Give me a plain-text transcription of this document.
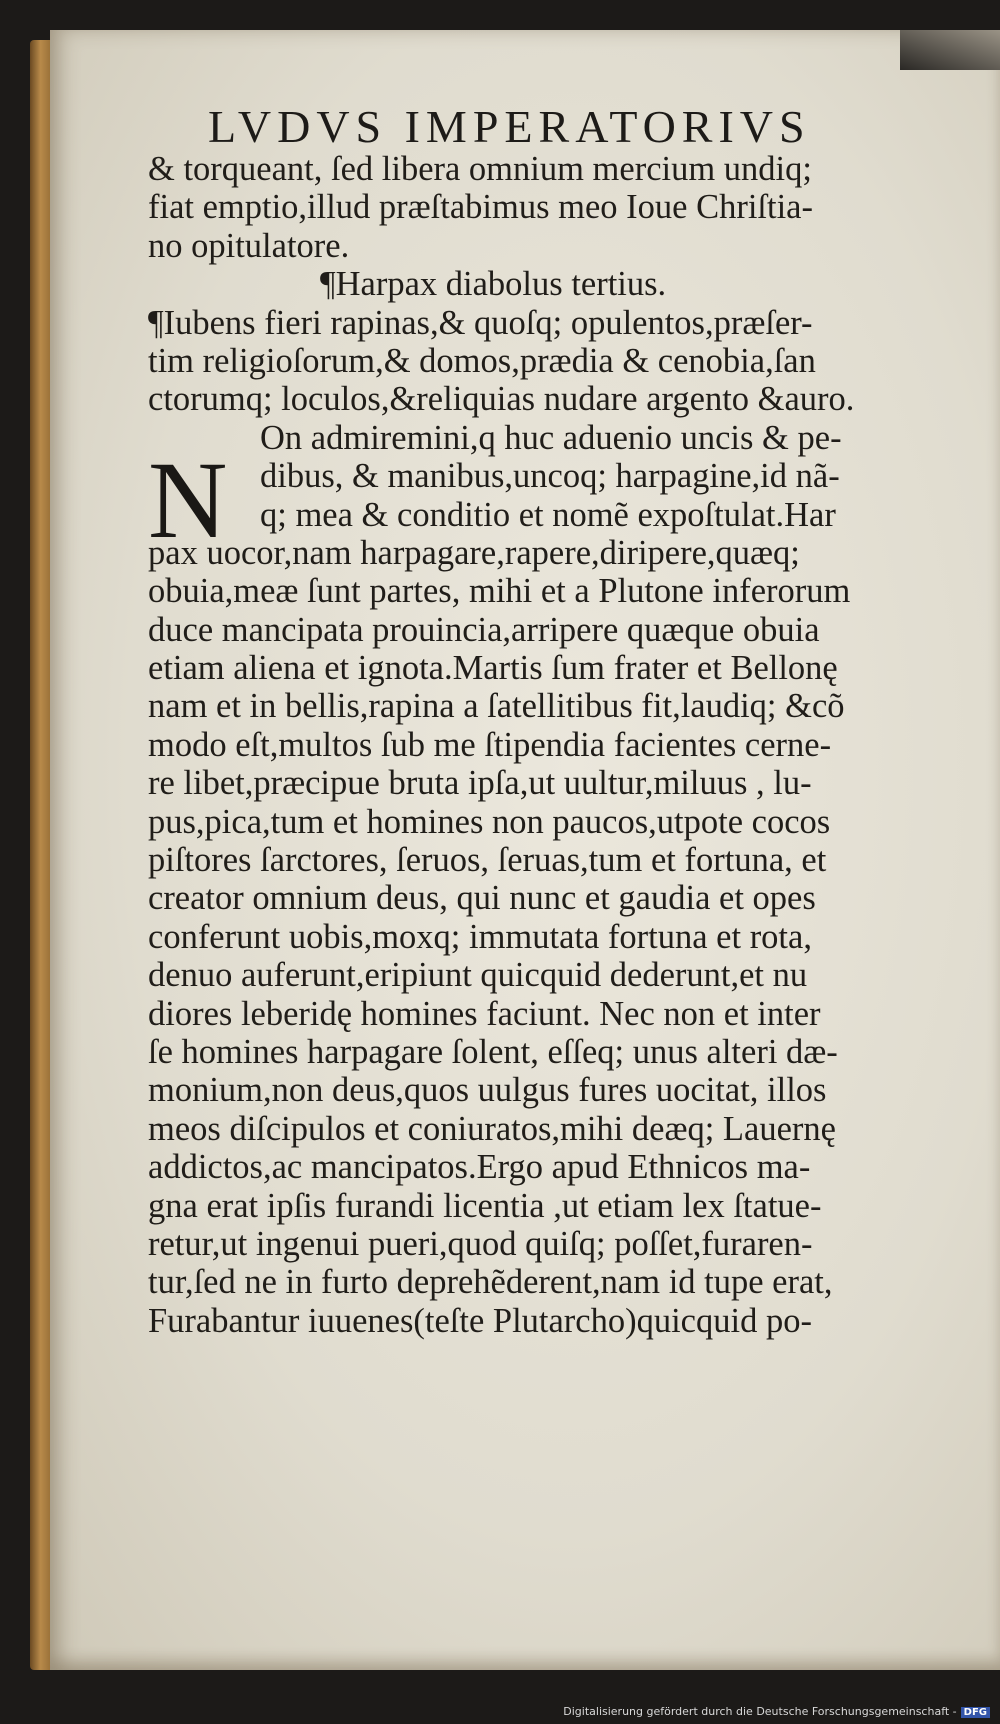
LVDVS IMPERATORIVS
N
& torqueant, ſed libera omnium mercium undiq;
fiat emptio,illud præſtabimus meo Ioue Chriſtia-
no opitulatore.
¶Harpax diabolus tertius.
¶Iubens fieri rapinas,& quoſq; opulentos,præſer-
tim religioſorum,& domos,prædia & cenobia,ſan
ctorumq; loculos,&reliquias nudare argento &auro.
On admiremini,q huc aduenio uncis & pe-
dibus, & manibus,uncoq; harpagine,id nã-
q; mea & conditio et nomẽ expoſtulat.Har
pax uocor,nam harpagare,rapere,diripere,quæq;
obuia,meæ ſunt partes, mihi et a Plutone inferorum
duce mancipata prouincia,arripere quæque obuia
etiam aliena et ignota.Martis ſum frater et Bellonę
nam et in bellis,rapina a ſatellitibus fit,laudiq; &cõ
modo eſt,multos ſub me ſtipendia facientes cerne-
re libet,præcipue bruta ipſa,ut uultur,miluus , lu-
pus,pica,tum et homines non paucos,utpote cocos
piſtores ſarctores, ſeruos, ſeruas,tum et fortuna, et
creator omnium deus, qui nunc et gaudia et opes
conferunt uobis,moxq; immutata fortuna et rota,
denuo auferunt,eripiunt quicquid dederunt,et nu
diores leberidę homines faciunt. Nec non et inter
ſe homines harpagare ſolent, eſſeq; unus alteri dæ-
monium,non deus,quos uulgus fures uocitat, illos
meos diſcipulos et coniuratos,mihi deæq; Lauernę
addictos,ac mancipatos.Ergo apud Ethnicos ma-
gna erat ipſis furandi licentia ,ut etiam lex ſtatue-
retur,ut ingenui pueri,quod quiſq; poſſet,furaren-
tur,ſed ne in furto deprehẽderent,nam id tupe erat,
Furabantur iuuenes(teſte Plutarcho)quicquid po-
Digitalisierung gefördert durch die Deutsche Forschungsgemeinschaft - DFG
